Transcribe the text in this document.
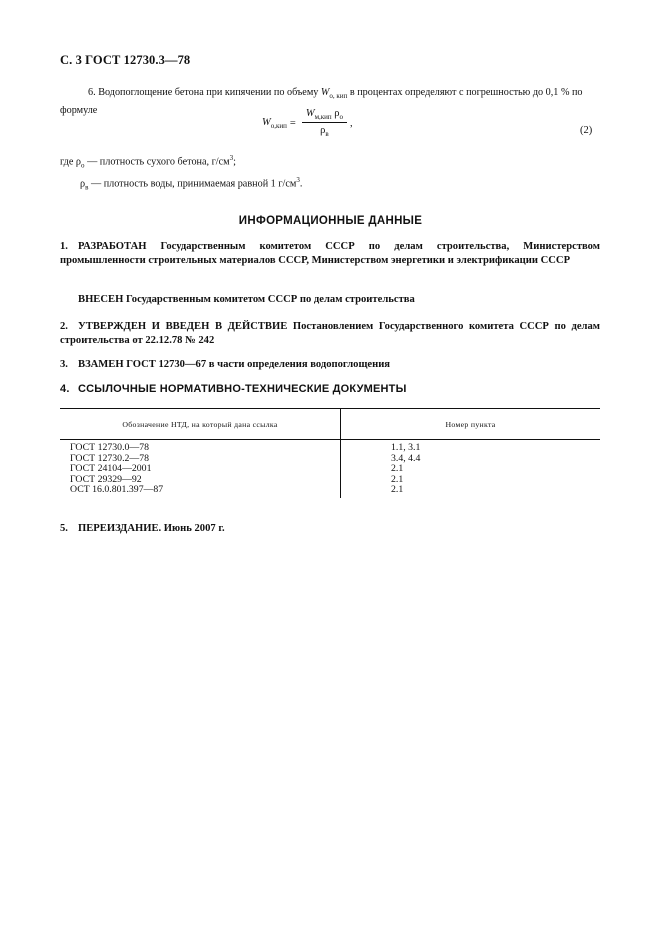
С. 3 ГОСТ 12730.3—78
6. Водопоглощение бетона при кипячении по объему $W_{о, кип}$ в процентах определяют с погрешностью до 0,1 % по формуле
$W_{о,кип} = \frac{W_{м,кип} \rho_о}{\rho_в}$ ,
(2)
где $\rho_о$ — плотность сухого бетона, $г/см^3$;
$\rho_в$ — плотность воды, принимаемая равной 1 $г/см^3$.
ИНФОРМАЦИОННЫЕ ДАННЫЕ
1. РАЗРАБОТАН Государственным комитетом СССР по делам строительства, Министерством промышленности строительных материалов СССР, Министерством энергетики и электрификации СССР
ВНЕСЕН Государственным комитетом СССР по делам строительства
2. УТВЕРЖДЕН И ВВЕДЕН В ДЕЙСТВИЕ Постановлением Государственного комитета СССР по делам строительства от 22.12.78 № 242
3. ВЗАМЕН ГОСТ 12730—67 в части определения водопоглощения
4. ССЫЛОЧНЫЕ НОРМАТИВНО-ТЕХНИЧЕСКИЕ ДОКУМЕНТЫ
Обозначение НТД, на который дана ссылка	Номер пункта
ГОСТ 12730.0—78	1.1, 3.1
ГОСТ 12730.2—78	3.4, 4.4
ГОСТ 24104—2001	2.1
ГОСТ 29329—92	2.1
ОСТ 16.0.801.397—87	2.1
5. ПЕРЕИЗДАНИЕ. Июнь 2007 г.
